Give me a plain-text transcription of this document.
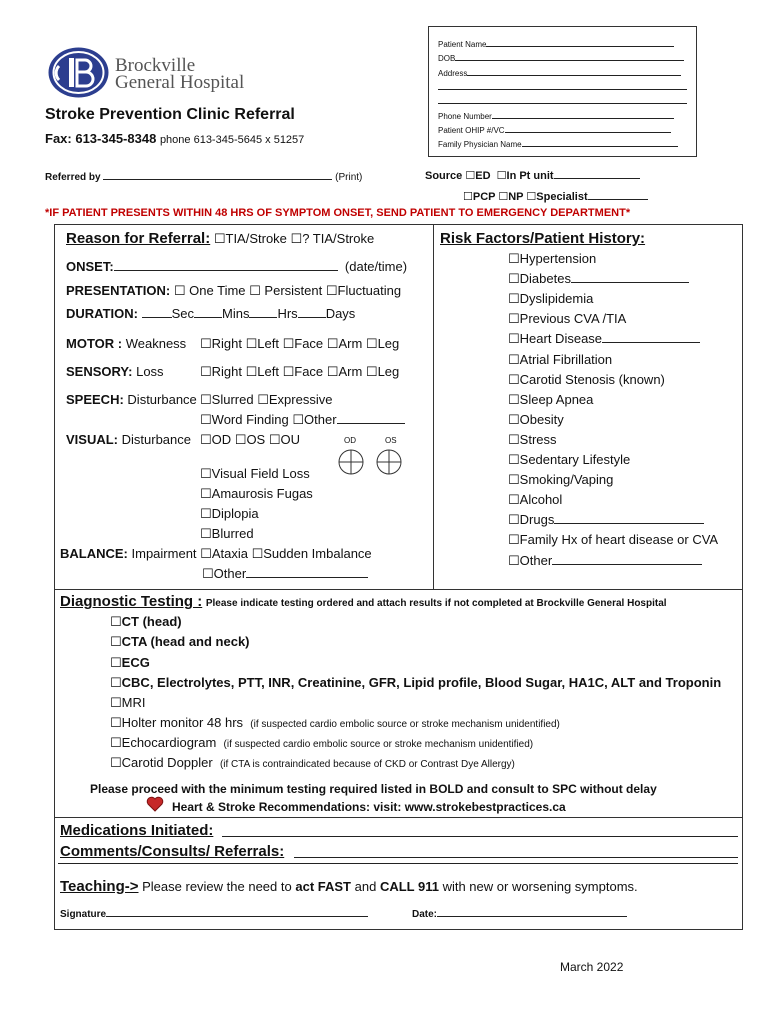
Patient Name
DOB
Address
Phone Number
Patient OHIP #/VC
Family Physician Name
Brockville
General Hospital
Stroke Prevention Clinic Referral
Fax: 613-345-8348 phone 613-345-5645 x 51257
Referred by	(Print)	Source ☐ED ☐In Pt unit
☐PCP ☐NP ☐Specialist
*IF PATIENT PRESENTS WITHIN 48 HRS OF SYMPTOM ONSET, SEND PATIENT TO EMERGENCY DEPARTMENT*
Reason for Referral: ☐TIA/Stroke ☐? TIA/Stroke
ONSET:	(date/time)
PRESENTATION: ☐ One Time ☐ Persistent ☐Fluctuating
DURATION:	Sec Mins Hrs Days
MOTOR : Weakness ☐Right ☐Left ☐Face ☐Arm ☐Leg
SENSORY: Loss	☐Right ☐Left ☐Face ☐Arm ☐Leg
SPEECH: Disturbance ☐Slurred ☐Expressive
☐Word Finding ☐Other
VISUAL: Disturbance ☐OD ☐OS ☐OU	OD	OS
☐Visual Field Loss
☐Amaurosis Fugas
☐Diplopia
☐Blurred
BALANCE: Impairment ☐Ataxia ☐Sudden Imbalance
☐Other
Risk Factors/Patient History:
☐Hypertension
☐Diabetes
☐Dyslipidemia
☐Previous CVA /TIA
☐Heart Disease
☐Atrial Fibrillation
☐Carotid Stenosis (known)
☐Sleep Apnea
☐Obesity
☐Stress
☐Sedentary Lifestyle
☐Smoking/Vaping
☐Alcohol
☐Drugs
☐Family Hx of heart disease or CVA
☐Other
Diagnostic Testing : Please indicate testing ordered and attach results if not completed at Brockville General Hospital
☐CT (head)
☐CTA (head and neck)
☐ECG
☐CBC, Electrolytes, PTT, INR, Creatinine, GFR, Lipid profile, Blood Sugar, HA1C, ALT and Troponin
☐MRI
☐Holter monitor 48 hrs (if suspected cardio embolic source or stroke mechanism unidentified)
☐Echocardiogram (if suspected cardio embolic source or stroke mechanism unidentified)
☐Carotid Doppler (if CTA is contraindicated because of CKD or Contrast Dye Allergy)
Please proceed with the minimum testing required listed in BOLD and consult to SPC without delay
Heart & Stroke Recommendations: visit: www.strokebestpractices.ca
Medications Initiated:
Comments/Consults/ Referrals:
Teaching-> Please review the need to act FAST and CALL 911 with new or worsening symptoms.
Signature	Date:
March 2022
